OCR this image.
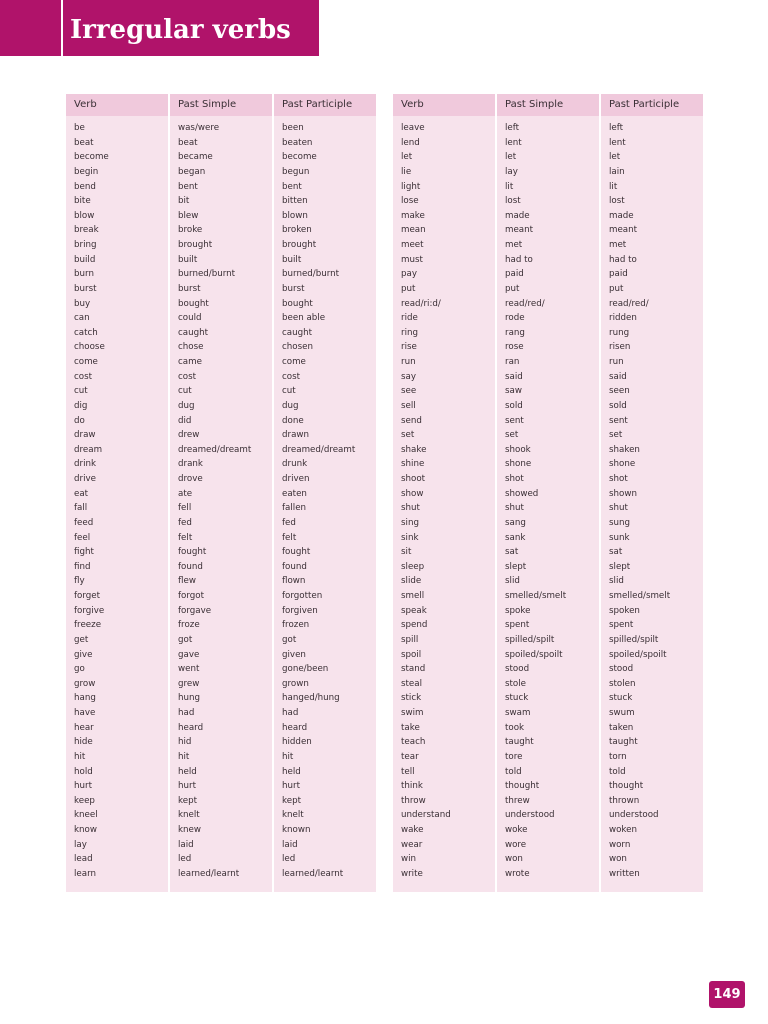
Irregular verbs
Verb	Past Simple	Past Participle
be	was/were	been
beat	beat	beaten
become	became	become
begin	began	begun
bend	bent	bent
bite	bit	bitten
blow	blew	blown
break	broke	broken
bring	brought	brought
build	built	built
burn	burned/burnt	burned/burnt
burst	burst	burst
buy	bought	bought
can	could	been able
catch	caught	caught
choose	chose	chosen
come	came	come
cost	cost	cost
cut	cut	cut
dig	dug	dug
do	did	done
draw	drew	drawn
dream	dreamed/dreamt	dreamed/dreamt
drink	drank	drunk
drive	drove	driven
eat	ate	eaten
fall	fell	fallen
feed	fed	fed
feel	felt	felt
fight	fought	fought
find	found	found
fly	flew	flown
forget	forgot	forgotten
forgive	forgave	forgiven
freeze	froze	frozen
get	got	got
give	gave	given
go	went	gone/been
grow	grew	grown
hang	hung	hanged/hung
have	had	had
hear	heard	heard
hide	hid	hidden
hit	hit	hit
hold	held	held
hurt	hurt	hurt
keep	kept	kept
kneel	knelt	knelt
know	knew	known
lay	laid	laid
lead	led	led
learn	learned/learnt	learned/learnt
Verb	Past Simple	Past Participle
leave	left	left
lend	lent	lent
let	let	let
lie	lay	lain
light	lit	lit
lose	lost	lost
make	made	made
mean	meant	meant
meet	met	met
must	had to	had to
pay	paid	paid
put	put	put
read/ri:d/	read/red/	read/red/
ride	rode	ridden
ring	rang	rung
rise	rose	risen
run	ran	run
say	said	said
see	saw	seen
sell	sold	sold
send	sent	sent
set	set	set
shake	shook	shaken
shine	shone	shone
shoot	shot	shot
show	showed	shown
shut	shut	shut
sing	sang	sung
sink	sank	sunk
sit	sat	sat
sleep	slept	slept
slide	slid	slid
smell	smelled/smelt	smelled/smelt
speak	spoke	spoken
spend	spent	spent
spill	spilled/spilt	spilled/spilt
spoil	spoiled/spoilt	spoiled/spoilt
stand	stood	stood
steal	stole	stolen
stick	stuck	stuck
swim	swam	swum
take	took	taken
teach	taught	taught
tear	tore	torn
tell	told	told
think	thought	thought
throw	threw	thrown
understand	understood	understood
wake	woke	woken
wear	wore	worn
win	won	won
write	wrote	written
149
